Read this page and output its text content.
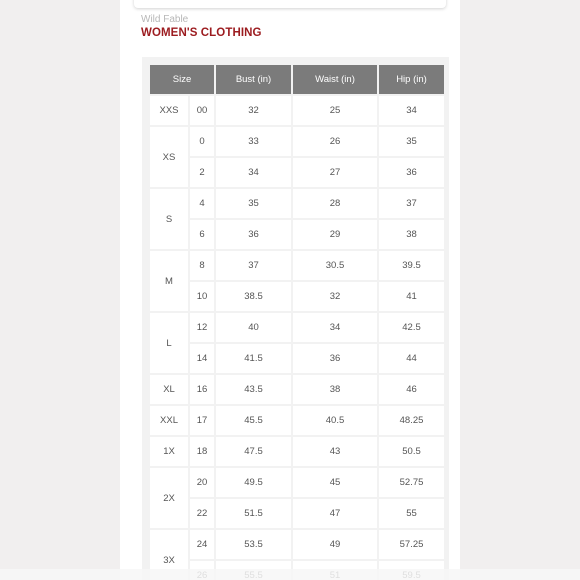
Wild Fable
WOMEN'S CLOTHING
Size		Bust (in)	Waist (in)	Hip (in)
XXS	00	32	25	34
XS	0	33	26	35
	2	34	27	36
S	4	35	28	37
	6	36	29	38
M	8	37	30.5	39.5
	10	38.5	32	41
L	12	40	34	42.5
	14	41.5	36	44
XL	16	43.5	38	46
XXL	17	45.5	40.5	48.25
1X	18	47.5	43	50.5
2X	20	49.5	45	52.75
	22	51.5	47	55
3X	24	53.5	49	57.25
